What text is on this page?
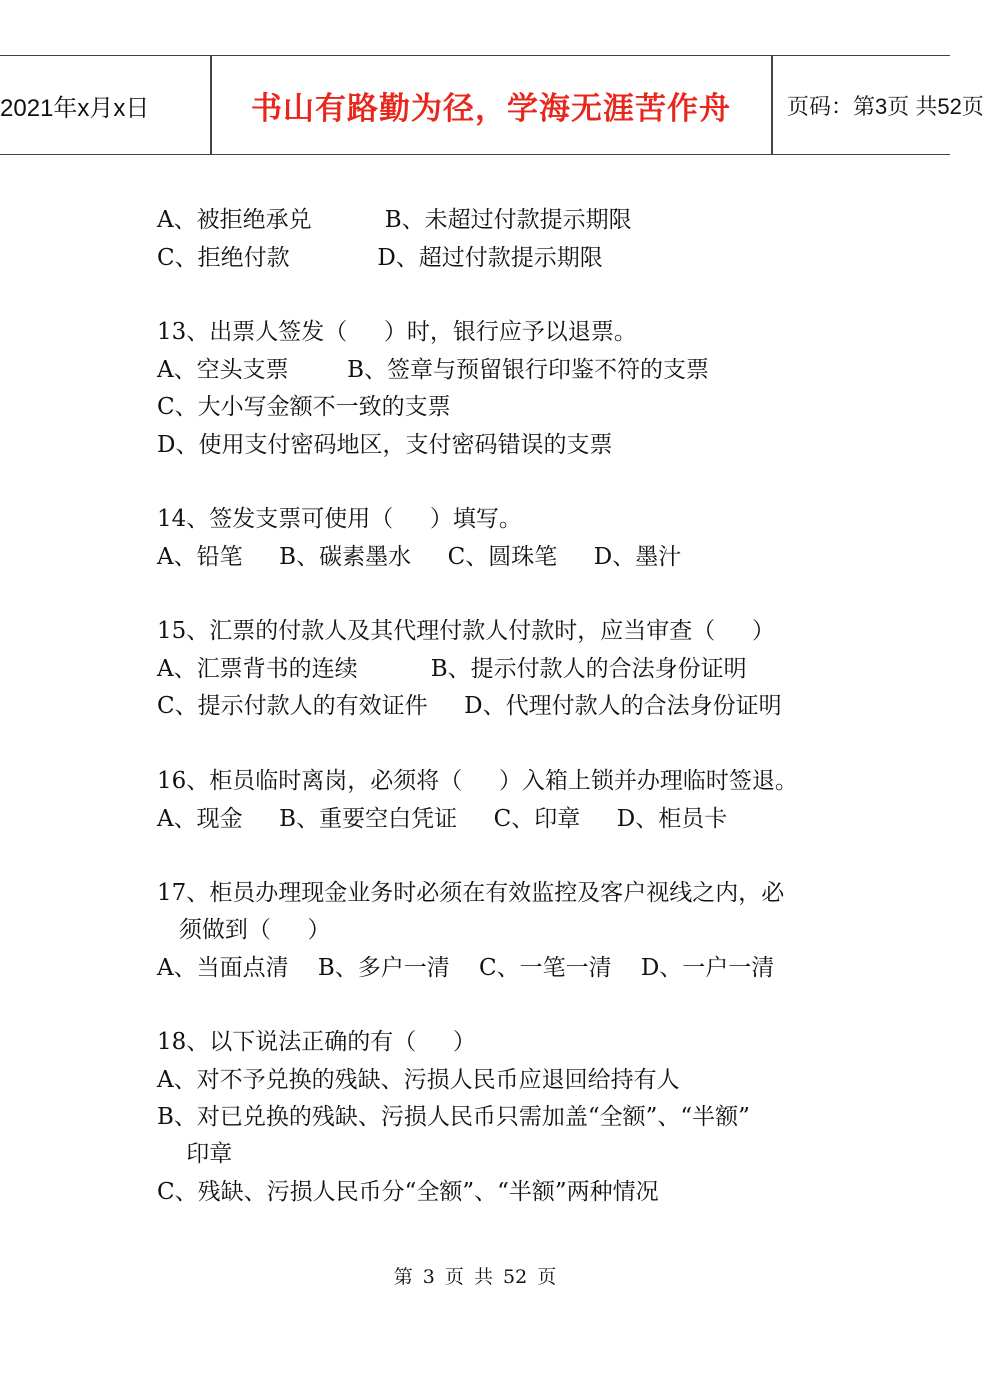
2021年x月x日	书山有路勤为径，学海无涯苦作舟	页码：第3页 共52页
A、被拒绝承兑          B、未超过付款提示期限
C、拒绝付款            D、超过付款提示期限
13、出票人签发（     ）时，银行应予以退票。
A、空头支票        B、签章与预留银行印鉴不符的支票
C、大小写金额不一致的支票
D、使用支付密码地区，支付密码错误的支票
14、签发支票可使用（     ）填写。
A、铅笔     B、碳素墨水     C、圆珠笔     D、墨汁
15、汇票的付款人及其代理付款人付款时，应当审查（     ）
A、汇票背书的连续          B、提示付款人的合法身份证明
C、提示付款人的有效证件     D、代理付款人的合法身份证明
16、柜员临时离岗，必须将（     ）入箱上锁并办理临时签退。
A、现金     B、重要空白凭证     C、印章     D、柜员卡
17、柜员办理现金业务时必须在有效监控及客户视线之内，必
须做到（     ）
A、当面点清    B、多户一清    C、一笔一清    D、一户一清
18、以下说法正确的有（     ）
A、对不予兑换的残缺、污损人民币应退回给持有人
B、对已兑换的残缺、污损人民币只需加盖“全额”、“半额”
印章
C、残缺、污损人民币分“全额”、“半额”两种情况
第 3 页 共 52 页
